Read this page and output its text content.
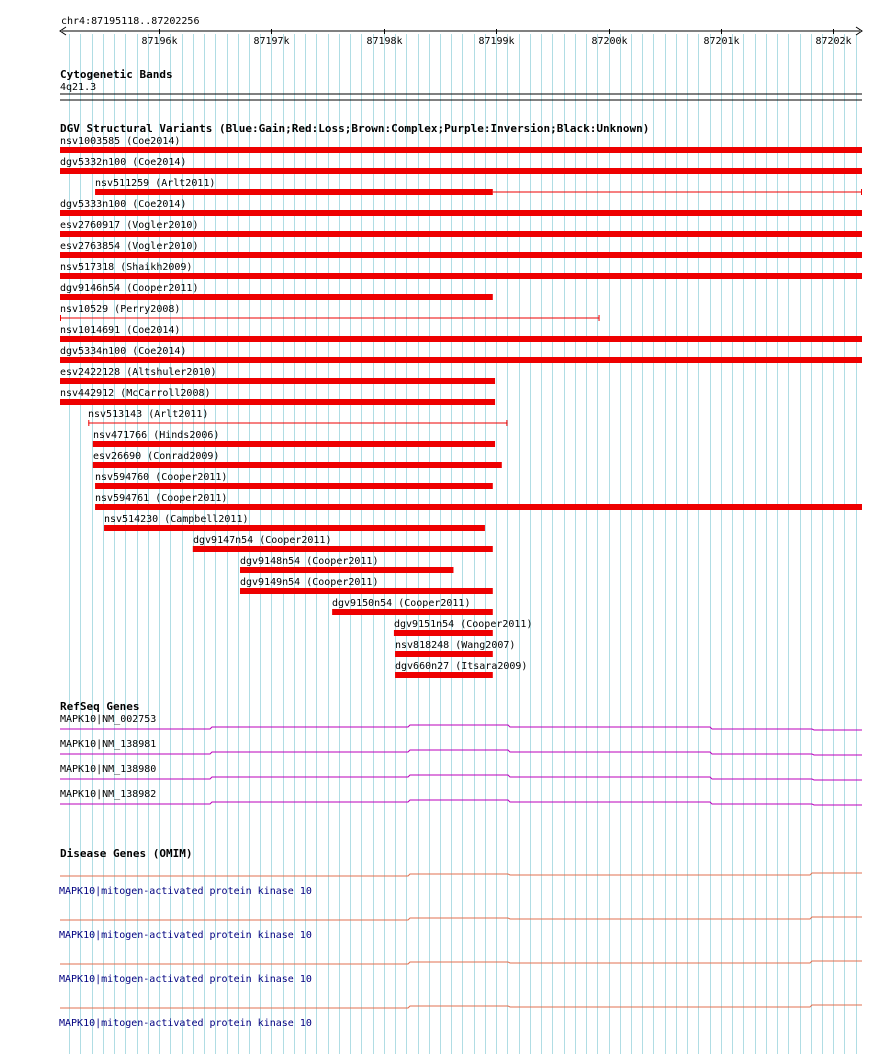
chr4:87195118..87202256
87196k	87197k	87198k	87199k	87200k	87201k	87202k
Cytogenetic Bands
4q21.3
DGV Structural Variants (Blue:Gain;Red:Loss;Brown:Complex;Purple:Inversion;Black:Unknown)
nsv1003585 (Coe2014)
dgv5332n100 (Coe2014)
nsv511259 (Arlt2011)
dgv5333n100 (Coe2014)
esv2760917 (Vogler2010)
esv2763854 (Vogler2010)
nsv517318 (Shaikh2009)
dgv9146n54 (Cooper2011)
nsv10529 (Perry2008)
nsv1014691 (Coe2014)
dgv5334n100 (Coe2014)
esv2422128 (Altshuler2010)
nsv442912 (McCarroll2008)
nsv513143 (Arlt2011)
nsv471766 (Hinds2006)
esv26690 (Conrad2009)
nsv594760 (Cooper2011)
nsv594761 (Cooper2011)
nsv514230 (Campbell2011)
dgv9147n54 (Cooper2011)
dgv9148n54 (Cooper2011)
dgv9149n54 (Cooper2011)
dgv9150n54 (Cooper2011)
dgv9151n54 (Cooper2011)
nsv818248 (Wang2007)
dgv660n27 (Itsara2009)
RefSeq Genes
MAPK10|NM_002753
MAPK10|NM_138981
MAPK10|NM_138980
MAPK10|NM_138982
Disease Genes (OMIM)
MAPK10|mitogen-activated protein kinase 10
MAPK10|mitogen-activated protein kinase 10
MAPK10|mitogen-activated protein kinase 10
MAPK10|mitogen-activated protein kinase 10
